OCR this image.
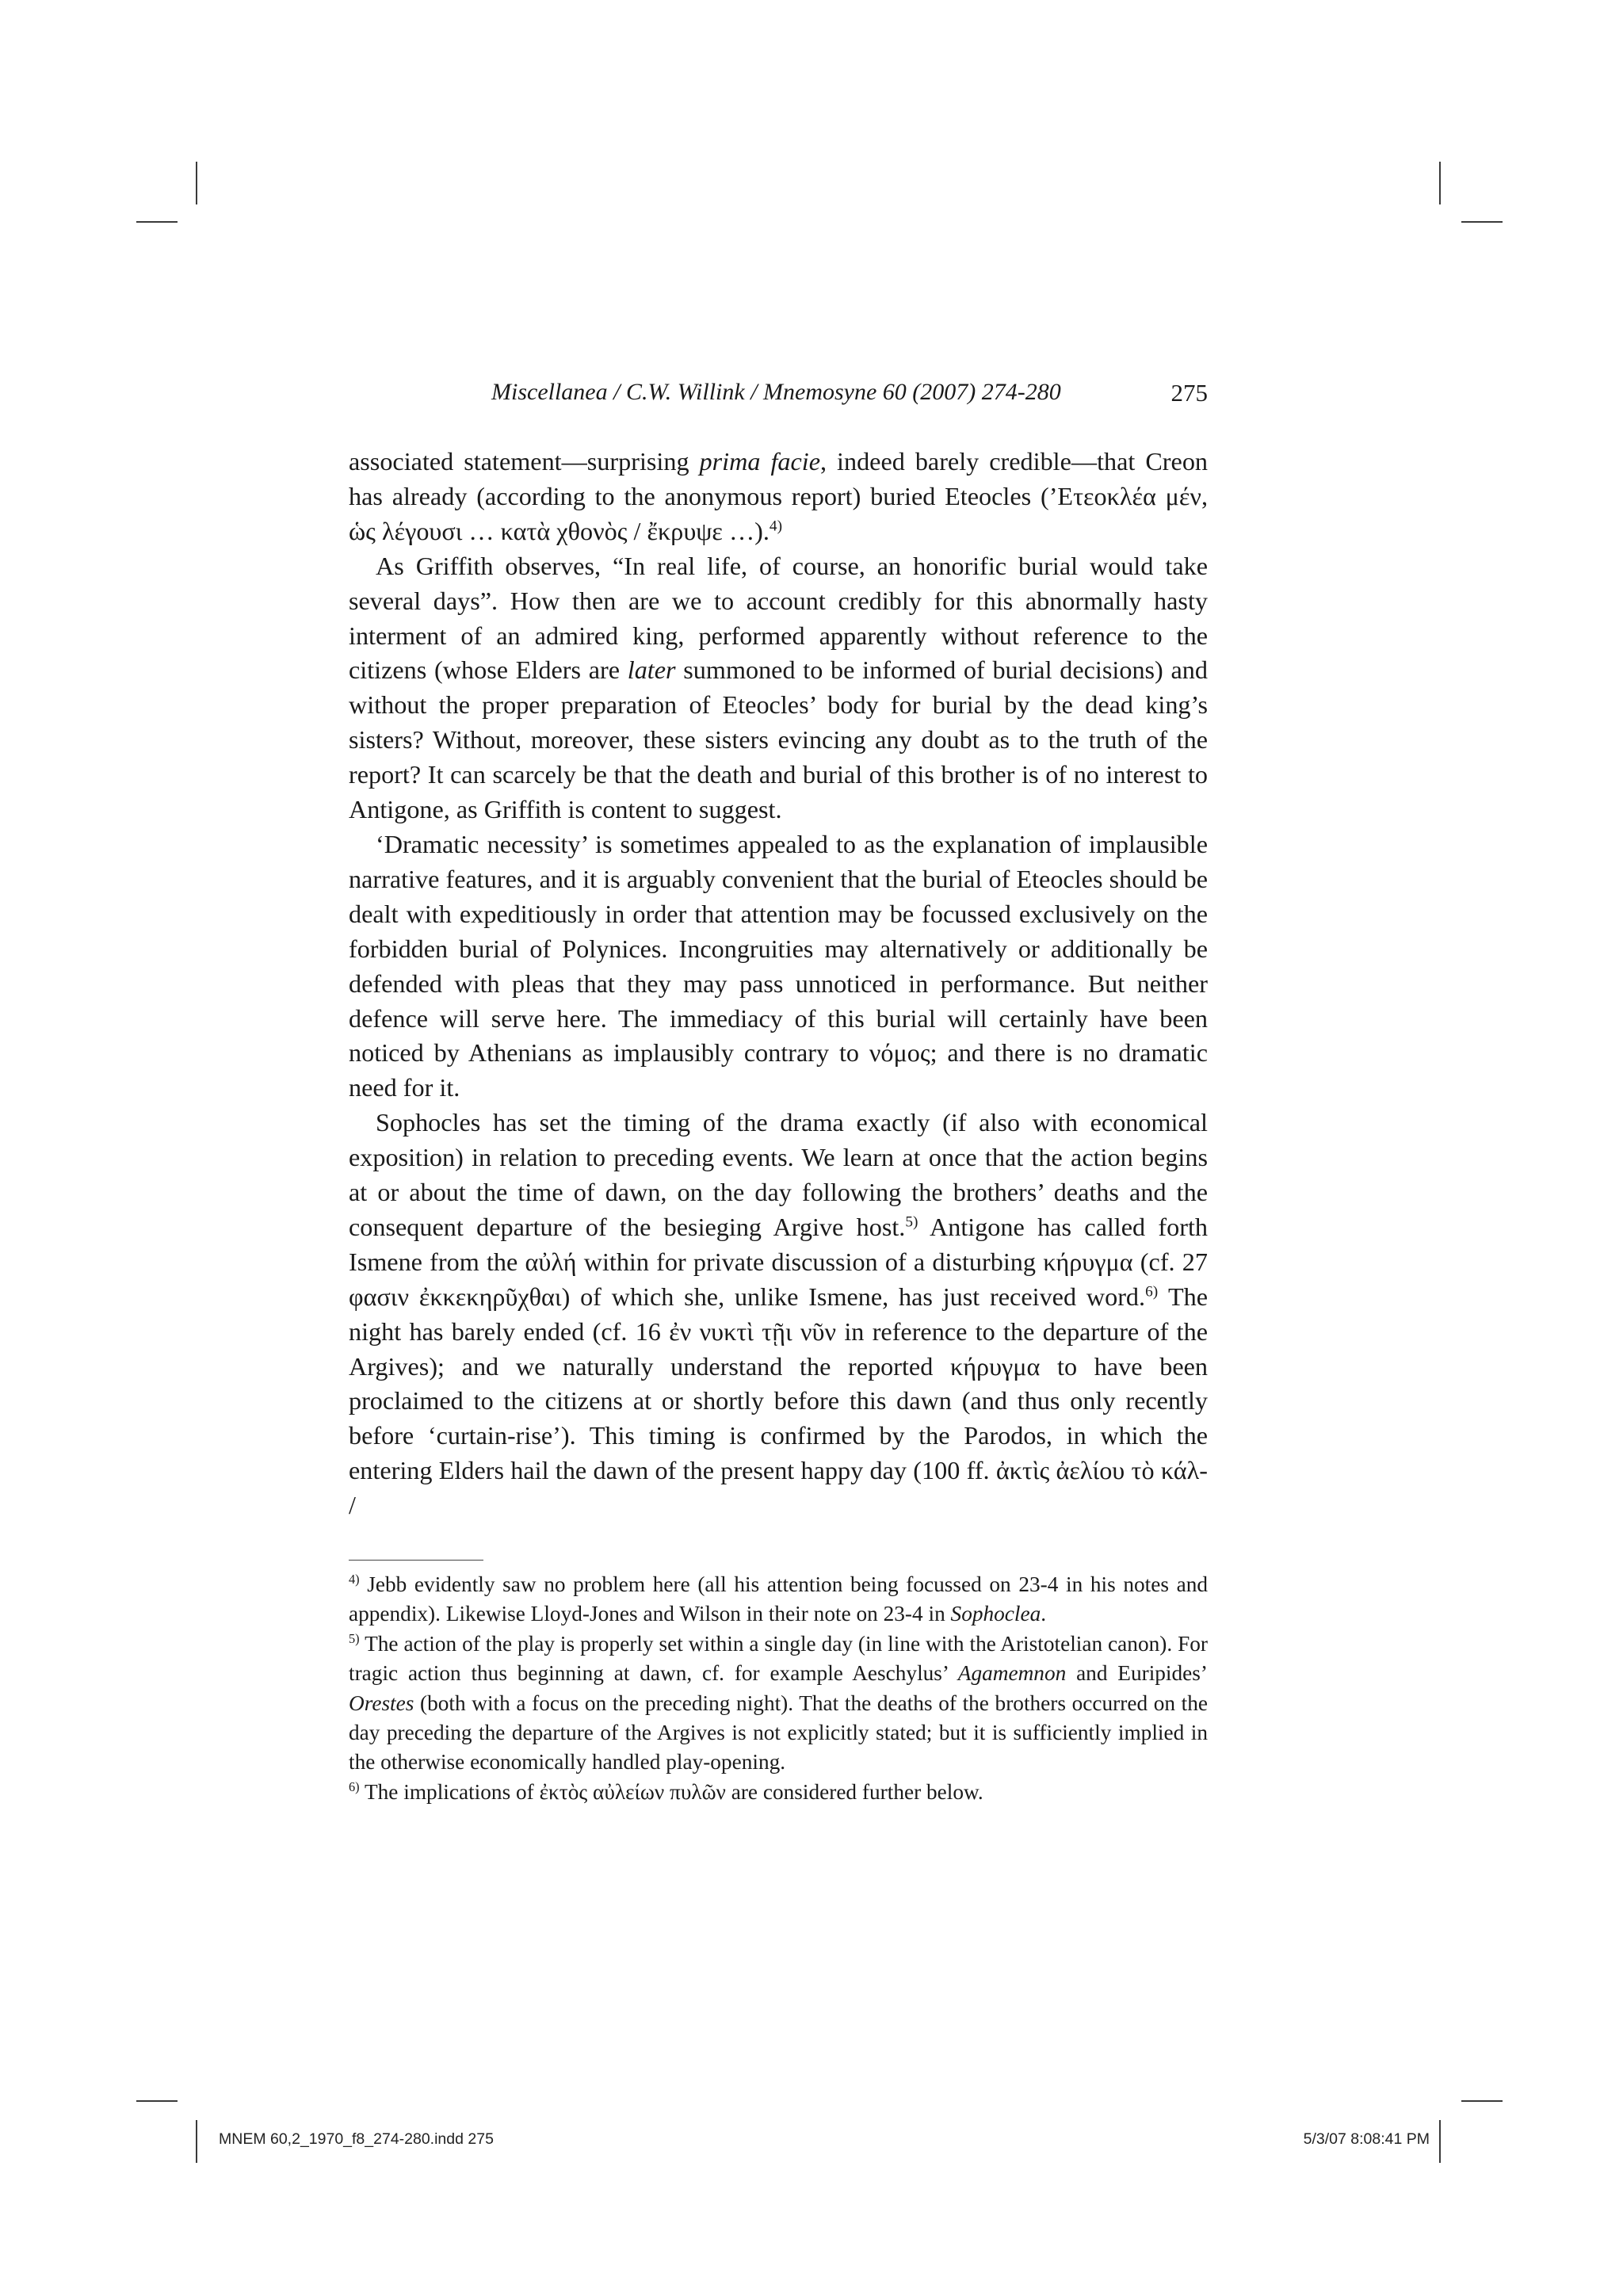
Miscellanea / C.W. Willink / Mnemosyne 60 (2007) 274-280	275

associated statement—surprising prima facie, indeed barely credible—that Creon has already (according to the anonymous report) buried Eteocles (ʼΕτεοκλέα μέν, ὡς λέγουσι … κατὰ χθονὸς / ἔκρυψε …).$^{4)}$

As Griffith observes, “In real life, of course, an honorific burial would take several days”. How then are we to account credibly for this abnormally hasty interment of an admired king, performed apparently without reference to the citizens (whose Elders are later summoned to be informed of burial decisions) and without the proper preparation of Eteocles’ body for burial by the dead king’s sisters? Without, moreover, these sisters evincing any doubt as to the truth of the report? It can scarcely be that the death and burial of this brother is of no interest to Antigone, as Griffith is content to suggest.

‘Dramatic necessity’ is sometimes appealed to as the explanation of implausible narrative features, and it is arguably convenient that the burial of Eteocles should be dealt with expeditiously in order that attention may be focussed exclusively on the forbidden burial of Polynices. Incongruities may alternatively or additionally be defended with pleas that they may pass unnoticed in performance. But neither defence will serve here. The immediacy of this burial will certainly have been noticed by Athenians as implausibly contrary to νόμος; and there is no dramatic need for it.

Sophocles has set the timing of the drama exactly (if also with economical exposition) in relation to preceding events. We learn at once that the action begins at or about the time of dawn, on the day following the brothers’ deaths and the consequent departure of the besieging Argive host.$^{5)}$ Antigone has called forth Ismene from the αὐλή within for private discussion of a disturbing κήρυγμα (cf. 27 φασιν ἐκκεκηρῦχθαι) of which she, unlike Ismene, has just received word.$^{6)}$ The night has barely ended (cf. 16 ἐν νυκτὶ τῇι νῦν in reference to the departure of the Argives); and we naturally understand the reported κήρυγμα to have been proclaimed to the citizens at or shortly before this dawn (and thus only recently before ‘curtain-rise’). This timing is confirmed by the Parodos, in which the entering Elders hail the dawn of the present happy day (100 ff. ἀκτὶς ἀελίου τὸ κάλ- /

$^{4)}$ Jebb evidently saw no problem here (all his attention being focussed on 23-4 in his notes and appendix). Likewise Lloyd-Jones and Wilson in their note on 23-4 in Sophoclea.

$^{5)}$ The action of the play is properly set within a single day (in line with the Aristotelian canon). For tragic action thus beginning at dawn, cf. for example Aeschylus’ Agamemnon and Euripides’ Orestes (both with a focus on the preceding night). That the deaths of the brothers occurred on the day preceding the departure of the Argives is not explicitly stated; but it is sufficiently implied in the otherwise economically handled play-opening.

$^{6)}$ The implications of ἐκτὸς αὐλείων πυλῶν are considered further below.

MNEM 60,2_1970_f8_274-280.indd 275	5/3/07 8:08:41 PM
